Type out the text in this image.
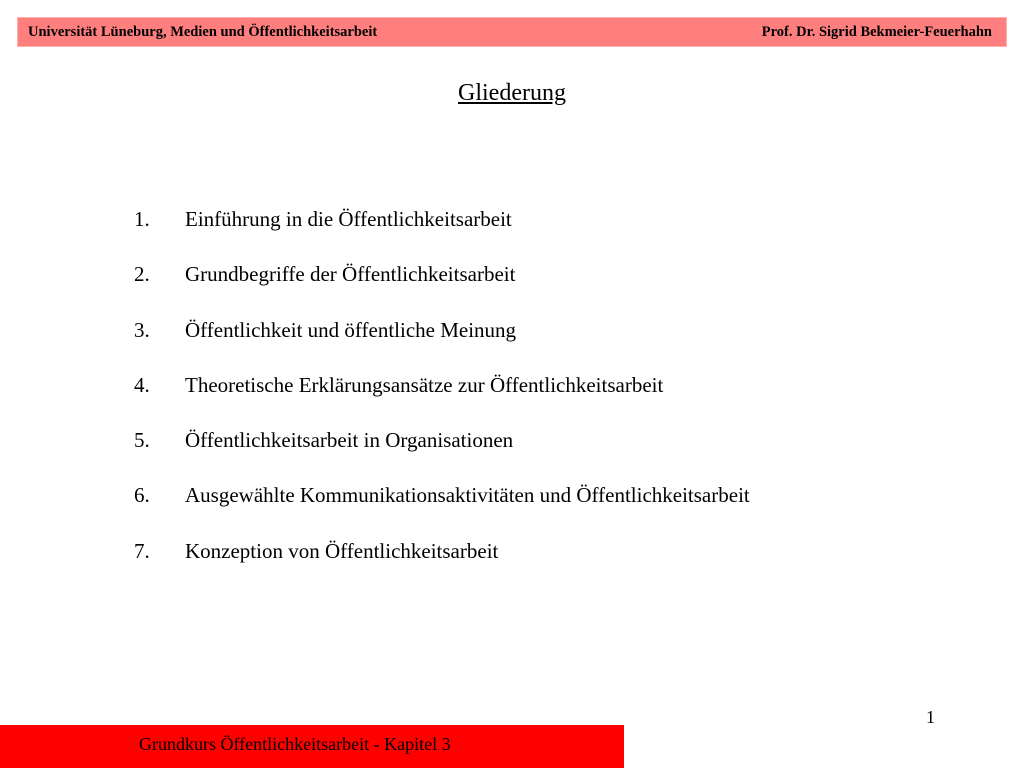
Universität Lüneburg, Medien und Öffentlichkeitsarbeit	Prof. Dr. Sigrid Bekmeier-Feuerhahn
Gliederung
1. Einführung in die Öffentlichkeitsarbeit
2. Grundbegriffe der Öffentlichkeitsarbeit
3. Öffentlichkeit und öffentliche Meinung
4. Theoretische Erklärungsansätze zur Öffentlichkeitsarbeit
5. Öffentlichkeitsarbeit in Organisationen
6. Ausgewählte Kommunikationsaktivitäten und Öffentlichkeitsarbeit
7. Konzeption von Öffentlichkeitsarbeit
1
Grundkurs Öffentlichkeitsarbeit - Kapitel 3
